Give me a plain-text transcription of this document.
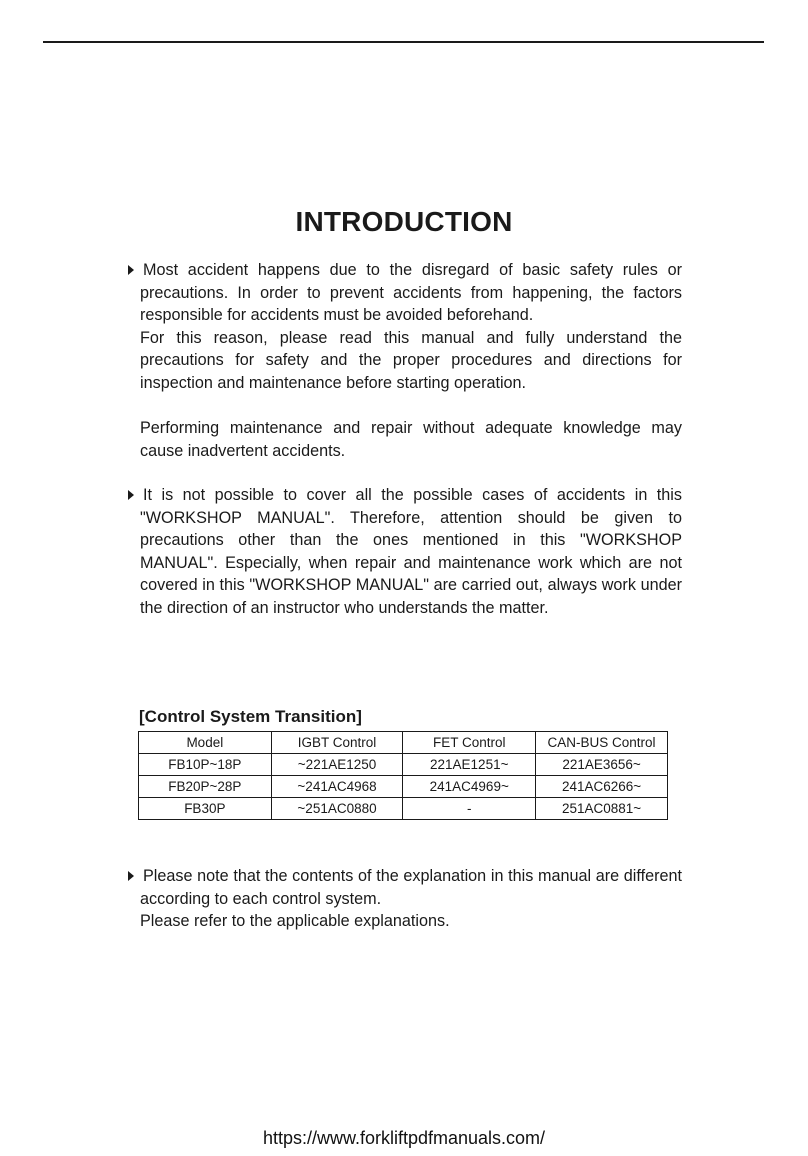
INTRODUCTION

Most accident happens due to the disregard of basic safety rules or precautions. In order to prevent accidents from happening, the factors responsible for accidents must be avoided beforehand.

For this reason, please read this manual and fully understand the precautions for safety and the proper procedures and directions for inspection and maintenance before starting operation.

Performing maintenance and repair without adequate knowledge may cause inadvertent accidents.

It is not possible to cover all the possible cases of accidents in this "WORKSHOP MANUAL". Therefore, attention should be given to precautions other than the ones mentioned in this "WORKSHOP MANUAL". Especially, when repair and maintenance work which are not covered in this "WORKSHOP MANUAL" are carried out, always work under the direction of an instructor who understands the matter.

[Control System Transition]
Model	IGBT Control	FET Control	CAN-BUS Control
FB10P~18P	~221AE1250	221AE1251~	221AE3656~
FB20P~28P	~241AC4968	241AC4969~	241AC6266~
FB30P	~251AC0880	-	251AC0881~

Please note that the contents of the explanation in this manual are different according to each control system.

Please refer to the applicable explanations.

https://www.forkliftpdfmanuals.com/
